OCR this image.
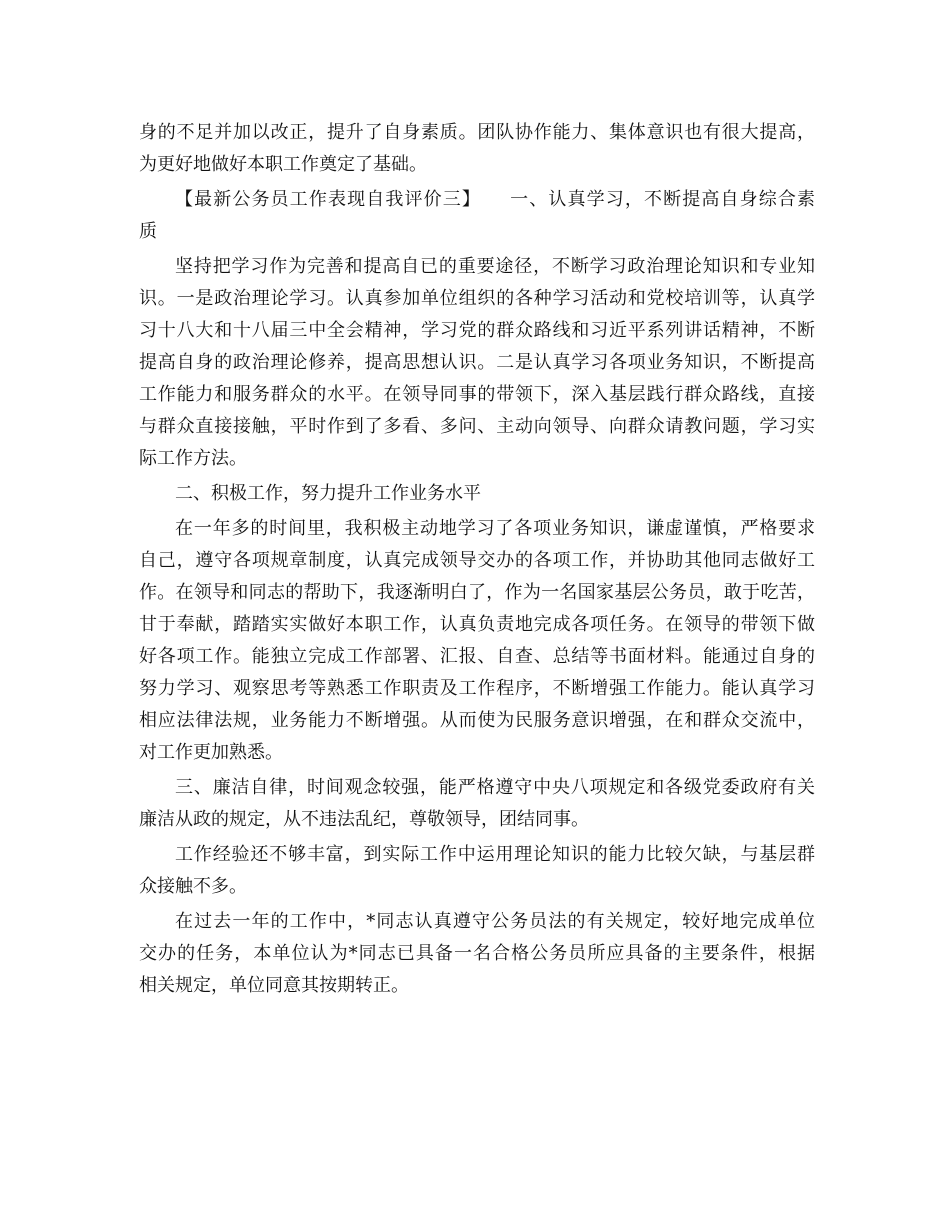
身的不足并加以改正，提升了自身素质。团队协作能力、集体意识也有很大提高，
为更好地做好本职工作奠定了基础。
【最新公务员工作表现自我评价三】　　一、认真学习，不断提高自身综合素
质
坚持把学习作为完善和提高自已的重要途径，不断学习政治理论知识和专业知
识。一是政治理论学习。认真参加单位组织的各种学习活动和党校培训等，认真学
习十八大和十八届三中全会精神，学习党的群众路线和习近平系列讲话精神，不断
提高自身的政治理论修养，提高思想认识。二是认真学习各项业务知识，不断提高
工作能力和服务群众的水平。在领导同事的带领下，深入基层践行群众路线，直接
与群众直接接触，平时作到了多看、多问、主动向领导、向群众请教问题，学习实
际工作方法。
二、积极工作，努力提升工作业务水平
在一年多的时间里，我积极主动地学习了各项业务知识，谦虚谨慎，严格要求
自己，遵守各项规章制度，认真完成领导交办的各项工作，并协助其他同志做好工
作。在领导和同志的帮助下，我逐渐明白了，作为一名国家基层公务员，敢于吃苦，
甘于奉献，踏踏实实做好本职工作，认真负责地完成各项任务。在领导的带领下做
好各项工作。能独立完成工作部署、汇报、自查、总结等书面材料。能通过自身的
努力学习、观察思考等熟悉工作职责及工作程序，不断增强工作能力。能认真学习
相应法律法规，业务能力不断增强。从而使为民服务意识增强，在和群众交流中，
对工作更加熟悉。
三、廉洁自律，时间观念较强，能严格遵守中央八项规定和各级党委政府有关
廉洁从政的规定，从不违法乱纪，尊敬领导，团结同事。
工作经验还不够丰富，到实际工作中运用理论知识的能力比较欠缺，与基层群
众接触不多。
在过去一年的工作中，*同志认真遵守公务员法的有关规定，较好地完成单位
交办的任务，本单位认为*同志已具备一名合格公务员所应具备的主要条件，根据
相关规定，单位同意其按期转正。
